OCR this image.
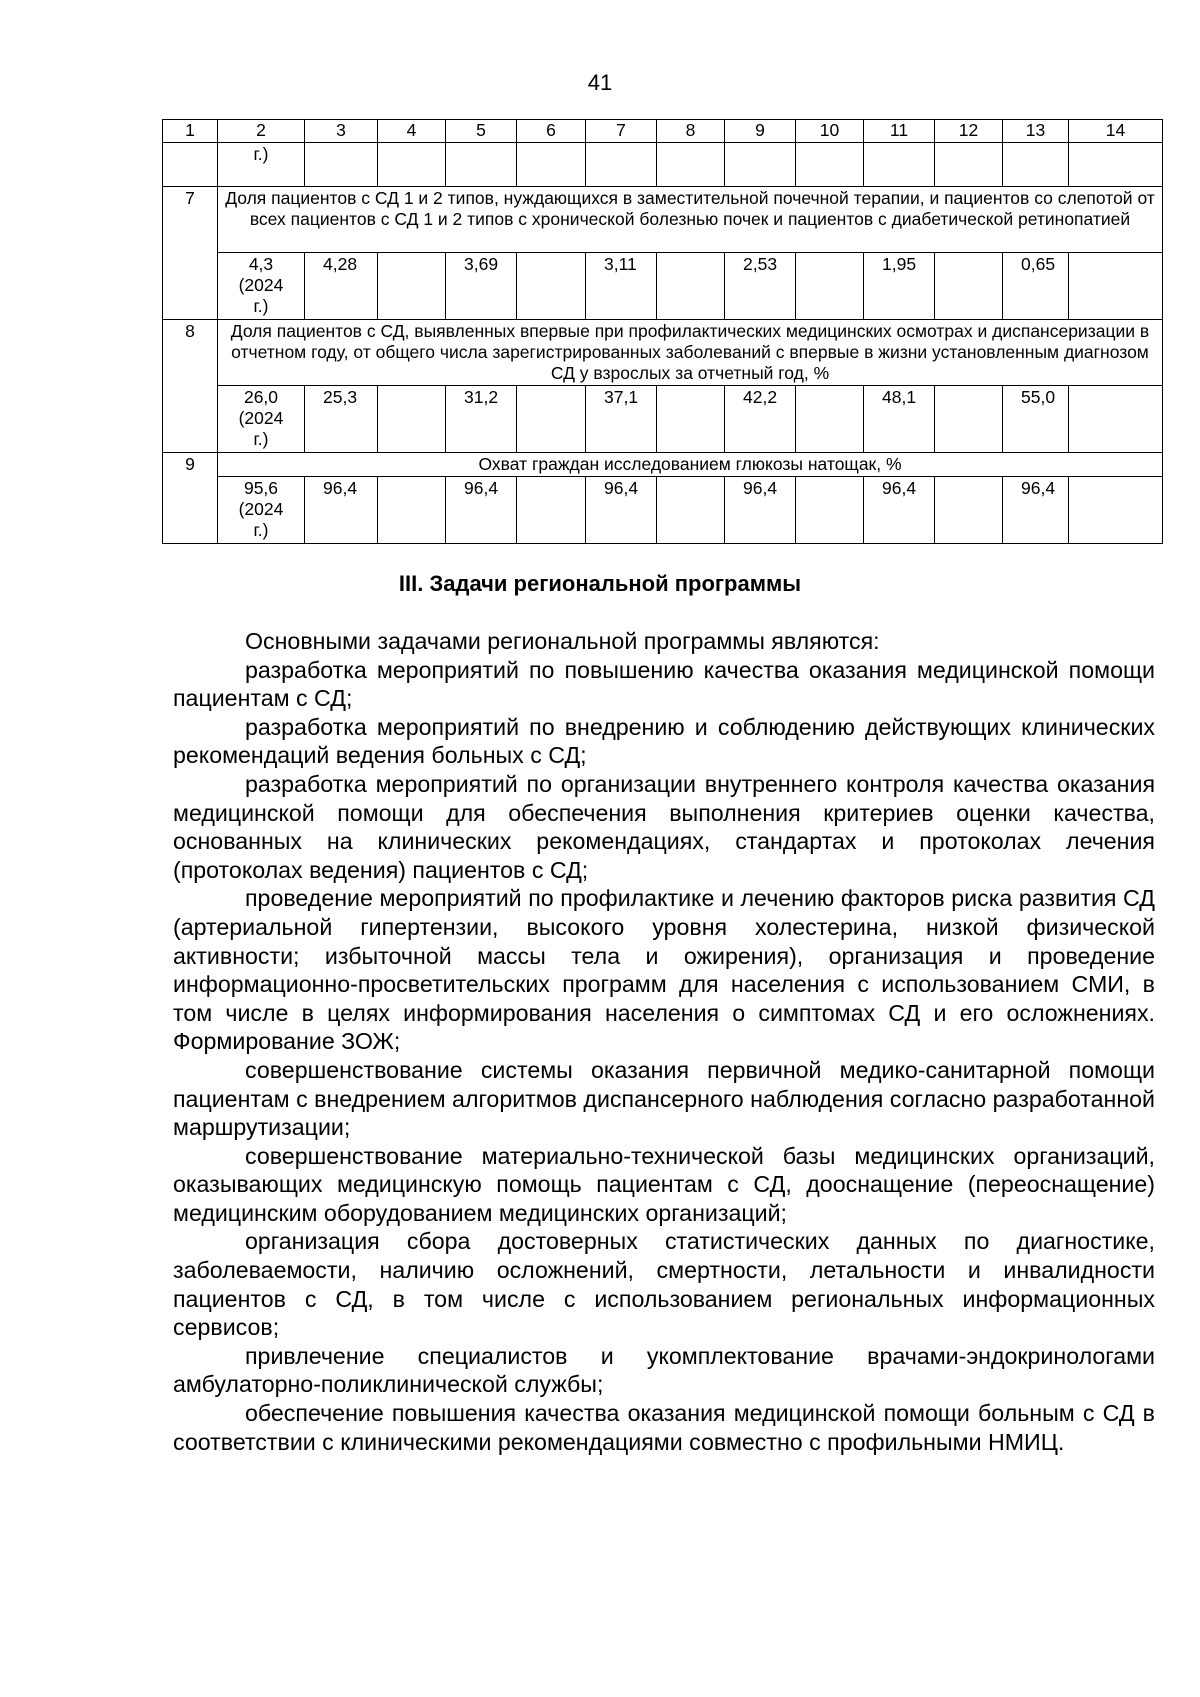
41
1	2	3	4	5	6	7	8	9	10	11	12	13	14
	г.)												
7	Доля пациентов с СД 1 и 2 типов, нуждающихся в заместительной почечной терапии, и пациентов со слепотой от всех пациентов с СД 1 и 2 типов с хронической болезнью почек и пациентов с диабетической ретинопатией												
	4,3
(2024
г.)	4,28		3,69		3,11		2,53		1,95		0,65	
8	Доля пациентов с СД, выявленных впервые при профилактических медицинских осмотрах и диспансеризации в отчетном году, от общего числа зарегистрированных заболеваний с впервые в жизни установленным диагнозом СД у взрослых за отчетный год, %												
	26,0
(2024
г.)	25,3		31,2		37,1		42,2		48,1		55,0	
9	Охват граждан исследованием глюкозы натощак, %												
	95,6
(2024
г.)	96,4		96,4		96,4		96,4		96,4		96,4	
III. Задачи региональной программы

Основными задачами региональной программы являются:

разработка мероприятий по повышению качества оказания медицинской помощи пациентам с СД;

разработка мероприятий по внедрению и соблюдению действующих клинических рекомендаций ведения больных с СД;

разработка мероприятий по организации внутреннего контроля качества оказания медицинской помощи для обеспечения выполнения критериев оценки качества, основанных на клинических рекомендациях, стандартах и протоколах лечения (протоколах ведения) пациентов с СД;

проведение мероприятий по профилактике и лечению факторов риска развития СД (артериальной гипертензии, высокого уровня холестерина, низкой физической активности; избыточной массы тела и ожирения), организация и проведение информационно-просветительских программ для населения с использованием СМИ, в том числе в целях информирования населения о симптомах СД и его осложнениях. Формирование ЗОЖ;

совершенствование системы оказания первичной медико-санитарной помощи пациентам с внедрением алгоритмов диспансерного наблюдения согласно разработанной маршрутизации;

совершенствование материально-технической базы медицинских организаций, оказывающих медицинскую помощь пациентам с СД, дооснащение (переоснащение) медицинским оборудованием медицинских организаций;

организация сбора достоверных статистических данных по диагностике, заболеваемости, наличию осложнений, смертности, летальности и инвалидности пациентов с СД, в том числе с использованием региональных информационных сервисов;

привлечение специалистов и укомплектование врачами-эндокринологами амбулаторно-поликлинической службы;

обеспечение повышения качества оказания медицинской помощи больным с СД в соответствии с клиническими рекомендациями совместно с профильными НМИЦ.
